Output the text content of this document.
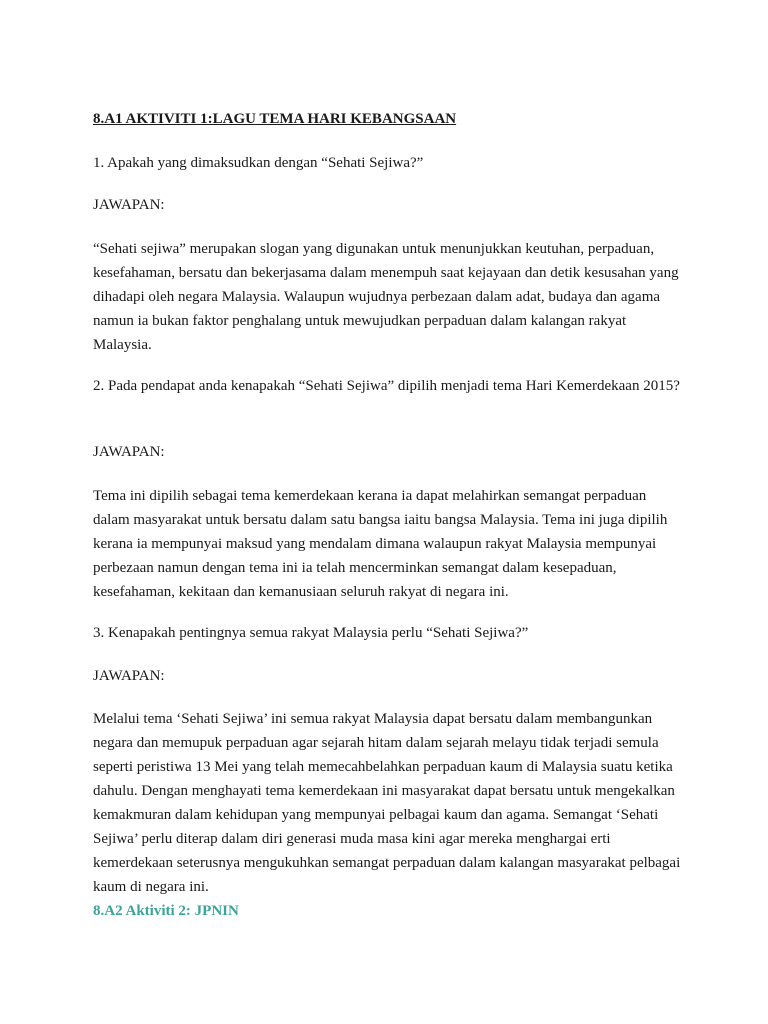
8.A1 AKTIVITI 1:LAGU TEMA HARI KEBANGSAAN

1. Apakah yang dimaksudkan dengan “Sehati Sejiwa?”

JAWAPAN:

“Sehati sejiwa” merupakan slogan yang digunakan untuk menunjukkan keutuhan, perpaduan, kesefahaman, bersatu dan bekerjasama dalam menempuh saat kejayaan dan detik kesusahan yang dihadapi oleh negara Malaysia. Walaupun wujudnya perbezaan dalam adat, budaya dan agama namun ia bukan faktor penghalang untuk mewujudkan perpaduan dalam kalangan rakyat Malaysia.

2. Pada pendapat anda kenapakah “Sehati Sejiwa” dipilih menjadi tema Hari Kemerdekaan 2015?

JAWAPAN:

Tema ini dipilih sebagai tema kemerdekaan kerana ia dapat melahirkan semangat perpaduan dalam masyarakat untuk bersatu dalam satu bangsa iaitu bangsa Malaysia. Tema ini juga dipilih kerana ia mempunyai maksud yang mendalam dimana walaupun rakyat Malaysia mempunyai perbezaan namun dengan tema ini ia telah mencerminkan semangat dalam kesepaduan, kesefahaman, kekitaan dan kemanusiaan seluruh rakyat di negara ini.

3. Kenapakah pentingnya semua rakyat Malaysia perlu “Sehati Sejiwa?”

JAWAPAN:

Melalui tema ‘Sehati Sejiwa’ ini semua rakyat Malaysia dapat bersatu dalam membangunkan negara dan memupuk perpaduan agar sejarah hitam dalam sejarah melayu tidak terjadi semula seperti peristiwa 13 Mei yang telah memecahbelahkan perpaduan kaum di Malaysia suatu ketika dahulu. Dengan menghayati tema kemerdekaan ini masyarakat dapat bersatu untuk mengekalkan kemakmuran dalam kehidupan yang mempunyai pelbagai kaum dan agama. Semangat ‘Sehati Sejiwa’ perlu diterap dalam diri generasi muda masa kini agar mereka menghargai erti kemerdekaan seterusnya mengukuhkan semangat perpaduan dalam kalangan masyarakat pelbagai kaum di negara ini.

8.A2 Aktiviti 2: JPNIN
